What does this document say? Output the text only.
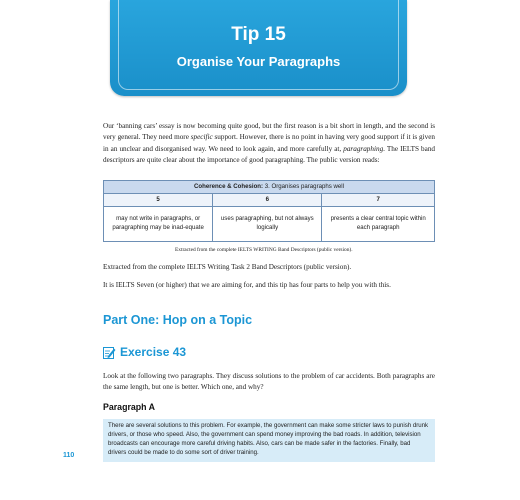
Tip 15
Organise Your Paragraphs

Our ‘banning cars’ essay is now becoming quite good, but the first reason is a bit short in length, and the second is very general. They need more specific support. However, there is no point in having very good support if it is given in an unclear and disorganised way. We need to look again, and more carefully at, paragraphing. The IELTS band descriptors are quite clear about the importance of good paragraphing. The public version reads:

Coherence & Cohesion: 3. Organises paragraphs well		
5	6	7
may not write in paragraphs, or paragraphing may be inad-equate	uses paragraphing, but not always logically	presents a clear central topic within each paragraph
Extracted from the complete IELTS WRITING Band Descriptors (public version).

Extracted from the complete IELTS Writing Task 2 Band Descriptors (public version).

It is IELTS Seven (or higher) that we are aiming for, and this tip has four parts to help you with this.

Part One: Hop on a Topic
Exercise 43

Look at the following two paragraphs. They discuss solutions to the problem of car accidents. Both paragraphs are the same length, but one is better. Which one, and why?

Paragraph A
There are several solutions to this problem. For example, the government can make some stricter laws to punish drunk drivers, or those who speed. Also, the government can spend money improving the bad roads. In addition, television broadcasts can encourage more careful driving habits. Also, cars can be made safer in the factories. Finally, bad drivers could be made to do some sort of driver training.
110
